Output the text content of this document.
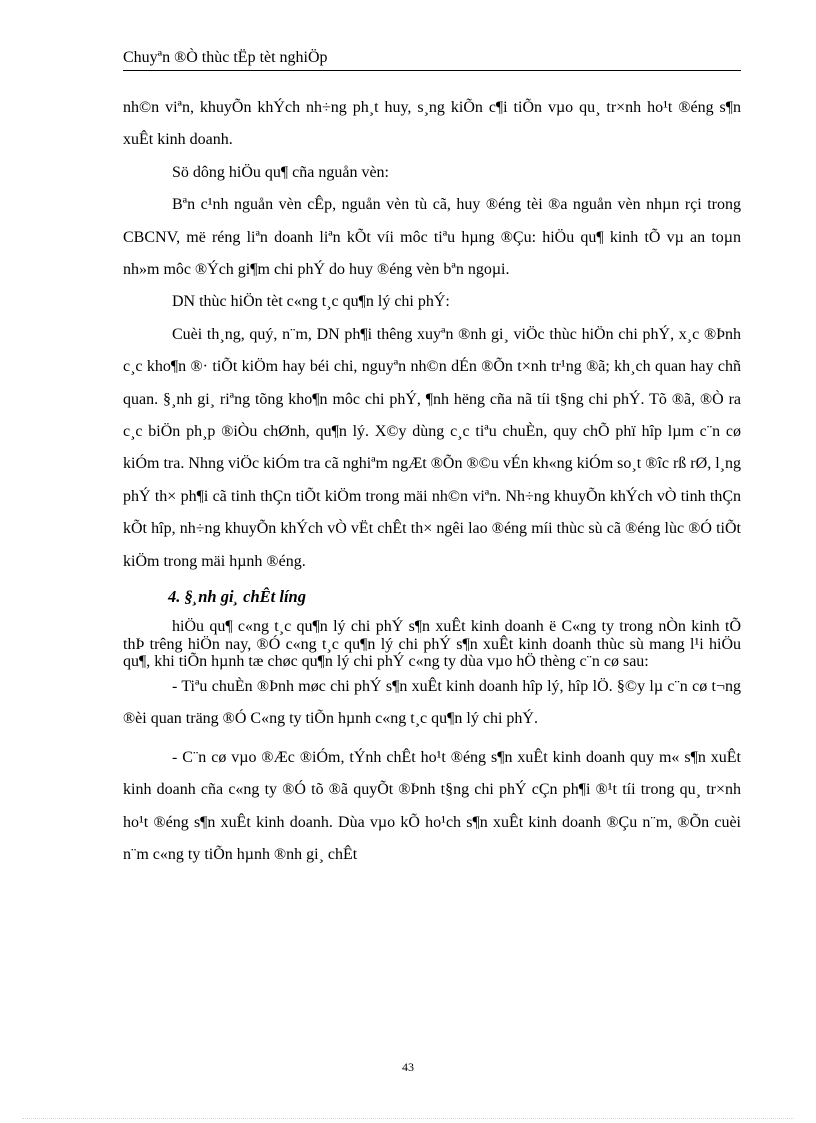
Chuyªn ®Ò thùc tËp tèt nghiÖp

nh©n viªn, khuyÕn khÝch nh÷ng ph¸t huy, s¸ng kiÕn c¶i tiÕn vµo qu¸ tr×nh ho¹t ®éng s¶n xuÊt kinh doanh.

Sö dông hiÖu qu¶ cña nguån vèn:

Bªn c¹nh nguån vèn cÊp, nguån vèn tù cã, huy ®éng tèi ®a nguån vèn nhµn rçi trong CBCNV, më réng liªn doanh liªn kÕt víi môc tiªu hµng ®Çu: hiÖu qu¶ kinh tÕ vµ an toµn nh»m môc ®Ých gi¶m chi phÝ do huy ®éng vèn bªn ngoµi.

DN thùc hiÖn tèt c«ng t¸c qu¶n lý chi phÝ:

Cuèi th¸ng, quý, n¨m, DN ph¶i thêng xuyªn ®nh gi¸ viÖc thùc hiÖn chi phÝ, x¸c ®Þnh c¸c kho¶n ®· tiÕt kiÖm hay béi chi, nguyªn nh©n dÉn ®Õn t×nh tr¹ng ®ã; kh¸ch quan hay chñ quan. §¸nh gi¸ riªng tõng kho¶n môc chi phÝ, ¶nh hëng cña nã tíi t§ng chi phÝ. Tõ ®ã, ®Ò ra c¸c biÖn ph¸p ®iÒu chØnh, qu¶n lý. X©y dùng c¸c tiªu chuÈn, quy chÕ phï hîp lµm c¨n cø kiÓm tra. Nhng viÖc kiÓm tra cã nghiªm ngÆt ®Õn ®©u vÉn kh«ng kiÓm so¸t ®îc rß rØ, l¸ng phÝ th× ph¶i cã tinh thÇn tiÕt kiÖm trong mäi nh©n viªn. Nh÷ng khuyÕn khÝch vÒ tinh thÇn kÕt hîp, nh÷ng khuyÕn khÝch vÒ vËt chÊt th× ngêi lao ®éng míi thùc sù cã ®éng lùc ®Ó tiÕt kiÖm trong mäi hµnh ®éng.

4. §¸nh gi¸ chÊt líng

hiÖu qu¶ c«ng t¸c qu¶n lý chi phÝ s¶n xuÊt kinh doanh ë C«ng ty trong nÒn kinh tÕ thÞ trêng hiÖn nay, ®Ó c«ng t¸c qu¶n lý chi phÝ s¶n xuÊt kinh doanh thùc sù mang l¹i hiÖu qu¶, khi tiÕn hµnh tæ chøc qu¶n lý chi phÝ c«ng ty dùa vµo hÖ thèng c¨n cø sau:

- Tiªu chuÈn ®Þnh møc chi phÝ s¶n xuÊt kinh doanh hîp lý, hîp lÖ. §©y lµ c¨n cø t¬ng ®èi quan träng ®Ó C«ng ty tiÕn hµnh c«ng t¸c qu¶n lý chi phÝ.

- C¨n cø vµo ®Æc ®iÓm, tÝnh chÊt ho¹t ®éng s¶n xuÊt kinh doanh quy m« s¶n xuÊt kinh doanh cña c«ng ty ®Ó tõ ®ã quyÕt ®Þnh t§ng chi phÝ cÇn ph¶i ®¹t tíi trong qu¸ tr×nh ho¹t ®éng s¶n xuÊt kinh doanh. Dùa vµo kÕ ho¹ch s¶n xuÊt kinh doanh ®Çu n¨m, ®Õn cuèi n¨m c«ng ty tiÕn hµnh ®nh gi¸ chÊt

43
